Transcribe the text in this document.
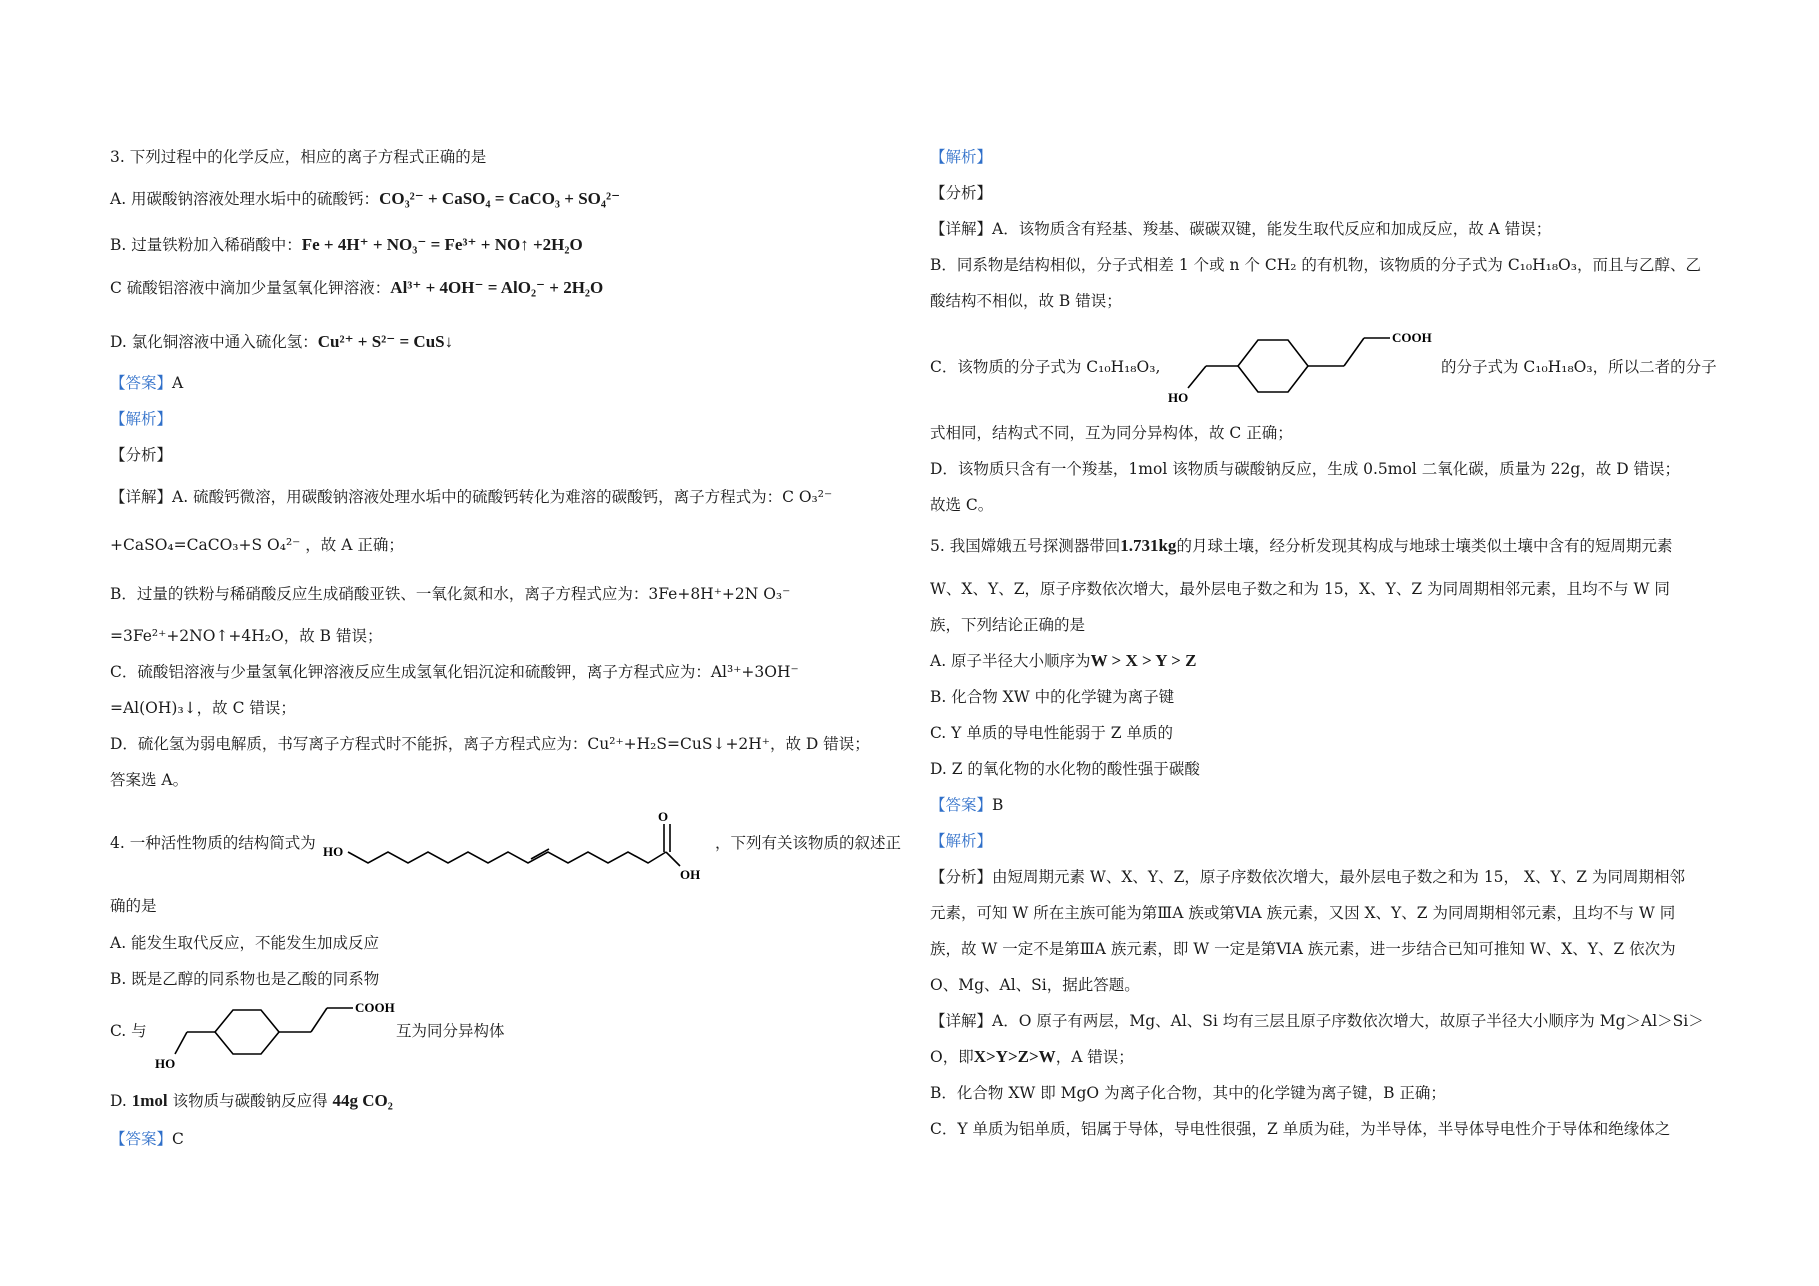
3. 下列过程中的化学反应，相应的离子方程式正确的是
A. 用碳酸钠溶液处理水垢中的硫酸钙：CO₃²⁻ + CaSO₄ = CaCO₃ + SO₄²⁻
B. 过量铁粉加入稀硝酸中：Fe + 4H⁺ + NO₃⁻ = Fe³⁺ + NO↑ +2H₂O
C 硫酸铝溶液中滴加少量氢氧化钾溶液：Al³⁺ + 4OH⁻ = AlO₂⁻ + 2H₂O
D. 氯化铜溶液中通入硫化氢：Cu²⁺ + S²⁻ = CuS↓
【答案】A
【解析】
【分析】
【详解】A. 硫酸钙微溶，用碳酸钠溶液处理水垢中的硫酸钙转化为难溶的碳酸钙，离子方程式为：C O₃²⁻
+CaSO₄=CaCO₃+S O₄²⁻ ，故 A 正确；
B．过量的铁粉与稀硝酸反应生成硝酸亚铁、一氧化氮和水，离子方程式应为：3Fe+8H⁺+2N O₃⁻
=3Fe²⁺+2NO↑+4H₂O，故 B 错误；
C．硫酸铝溶液与少量氢氧化钾溶液反应生成氢氧化铝沉淀和硫酸钾，离子方程式应为：Al³⁺+3OH⁻
=Al(OH)₃↓，故 C 错误；
D．硫化氢为弱电解质，书写离子方程式时不能拆，离子方程式应为：Cu²⁺+H₂S=CuS↓+2H⁺，故 D 错误；
答案选 A。
4. 一种活性物质的结构简式为 HO
O
OH
，下列有关该物质的叙述正
确的是
A. 能发生取代反应，不能发生加成反应
B. 既是乙醇的同系物也是乙酸的同系物
C. 与
HO
COOH
互为同分异构体
D. 1mol 该物质与碳酸钠反应得 44g CO₂
【答案】C
【解析】
【分析】
【详解】A．该物质含有羟基、羧基、碳碳双键，能发生取代反应和加成反应，故 A 错误；
B．同系物是结构相似，分子式相差 1 个或 n 个 CH₂ 的有机物，该物质的分子式为 C₁₀H₁₈O₃，而且与乙醇、乙
酸结构不相似，故 B 错误；
C．该物质的分子式为 C₁₀H₁₈O₃,
HO
COOH
的分子式为 C₁₀H₁₈O₃，所以二者的分子
式相同，结构式不同，互为同分异构体，故 C 正确；
D．该物质只含有一个羧基，1mol 该物质与碳酸钠反应，生成 0.5mol 二氧化碳，质量为 22g，故 D 错误；
故选 C。
5. 我国嫦娥五号探测器带回1.731kg的月球土壤，经分析发现其构成与地球士壤类似土壤中含有的短周期元素
W、X、Y、Z，原子序数依次增大，最外层电子数之和为 15，X、Y、Z 为同周期相邻元素，且均不与 W 同
族，下列结论正确的是
A. 原子半径大小顺序为W > X > Y > Z
B. 化合物 XW 中的化学键为离子键
C. Y 单质的导电性能弱于 Z 单质的
D. Z 的氧化物的水化物的酸性强于碳酸
【答案】B
【解析】
【分析】由短周期元素 W、X、Y、Z，原子序数依次增大，最外层电子数之和为 15， X、Y、Z 为同周期相邻
元素，可知 W 所在主族可能为第ⅢA 族或第ⅥA 族元素，又因 X、Y、Z 为同周期相邻元素，且均不与 W 同
族，故 W 一定不是第ⅢA 族元素，即 W 一定是第ⅥA 族元素，进一步结合已知可推知 W、X、Y、Z 依次为
O、Mg、Al、Si，据此答题。
【详解】A．O 原子有两层，Mg、Al、Si 均有三层且原子序数依次增大，故原子半径大小顺序为 Mg＞Al＞Si＞
O，即X>Y>Z>W，A 错误；
B．化合物 XW 即 MgO 为离子化合物，其中的化学键为离子键，B 正确；
C．Y 单质为铝单质，铝属于导体，导电性很强，Z 单质为硅，为半导体，半导体导电性介于导体和绝缘体之
